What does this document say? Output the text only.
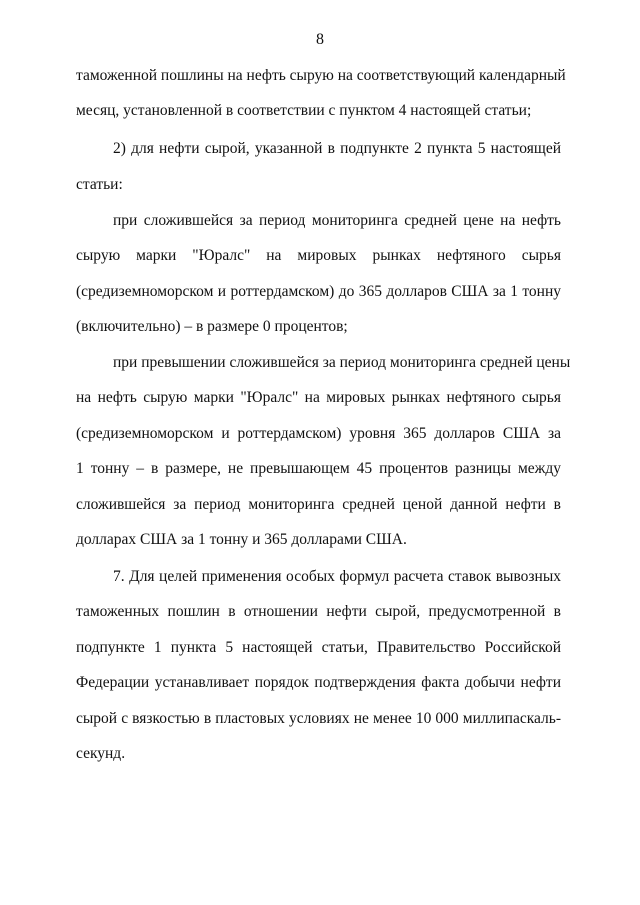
8
таможенной пошлины на нефть сырую на соответствующий календарный
месяц, установленной в соответствии с пунктом 4 настоящей статьи;
2) для нефти сырой, указанной в подпункте 2 пункта 5 настоящей
статьи:
при сложившейся за период мониторинга средней цене на нефть
сырую марки "Юралс" на мировых рынках нефтяного сырья
(средиземноморском и роттердамском) до 365 долларов США за 1 тонну
(включительно) – в размере 0 процентов;
при превышении сложившейся за период мониторинга средней цены
на нефть сырую марки "Юралс" на мировых рынках нефтяного сырья
(средиземноморском и роттердамском) уровня 365 долларов США за
1 тонну – в размере, не превышающем 45 процентов разницы между
сложившейся за период мониторинга средней ценой данной нефти в
долларах США за 1 тонну и 365 долларами США.
7. Для целей применения особых формул расчета ставок вывозных
таможенных пошлин в отношении нефти сырой, предусмотренной в
подпункте 1 пункта 5 настоящей статьи, Правительство Российской
Федерации устанавливает порядок подтверждения факта добычи нефти
сырой с вязкостью в пластовых условиях не менее 10 000 миллипаскаль-
секунд.
